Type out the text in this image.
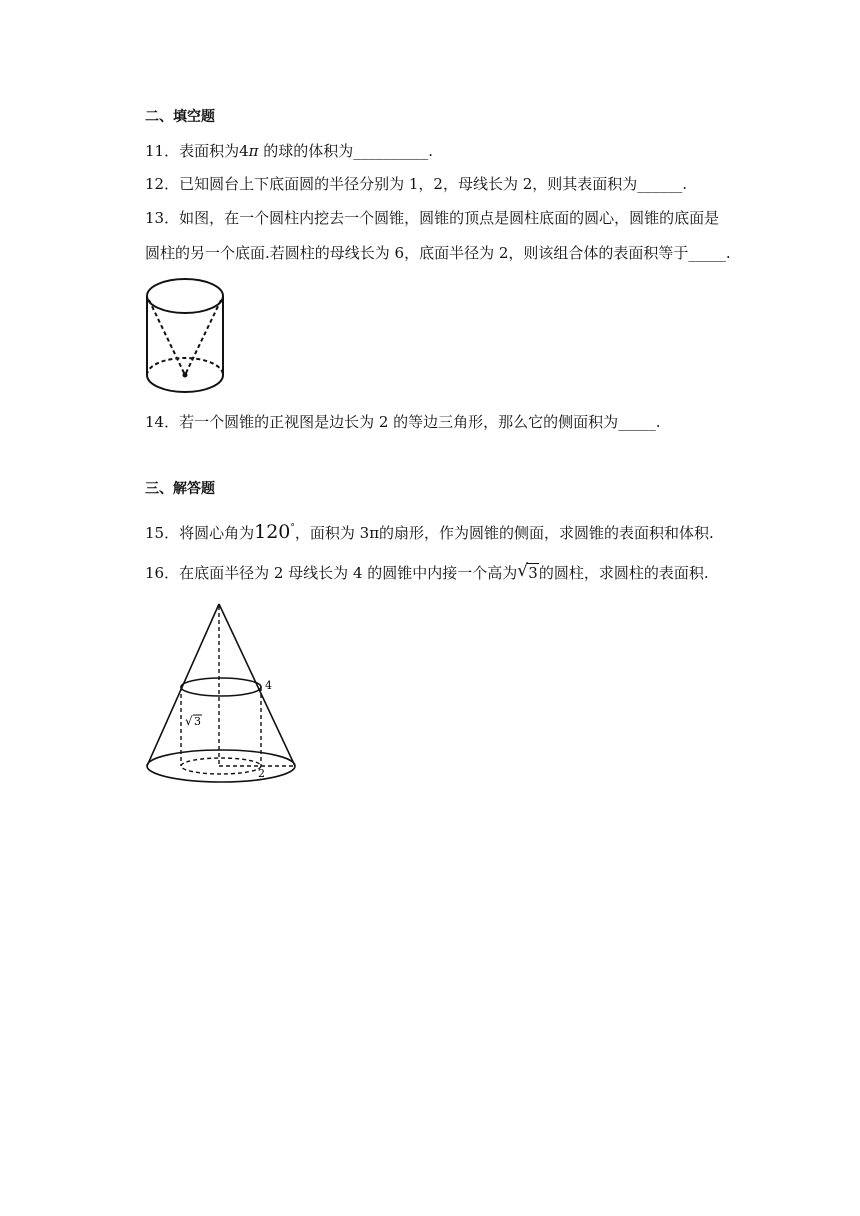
二、填空题
11．表面积为4π 的球的体积为__________.
12．已知圆台上下底面圆的半径分别为 1，2，母线长为 2，则其表面积为______.
13．如图，在一个圆柱内挖去一个圆锥，圆锥的顶点是圆柱底面的圆心，圆锥的底面是
圆柱的另一个底面.若圆柱的母线长为 6，底面半径为 2，则该组合体的表面积等于_____.
14．若一个圆锥的正视图是边长为 2 的等边三角形，那么它的侧面积为_____.
三、解答题
15．将圆心角为120°，面积为 3π的扇形，作为圆锥的侧面，求圆锥的表面积和体积.
16．在底面半径为 2 母线长为 4 的圆锥中内接一个高为 √ 3的圆柱，求圆柱的表面积.
4
2
√ 3
